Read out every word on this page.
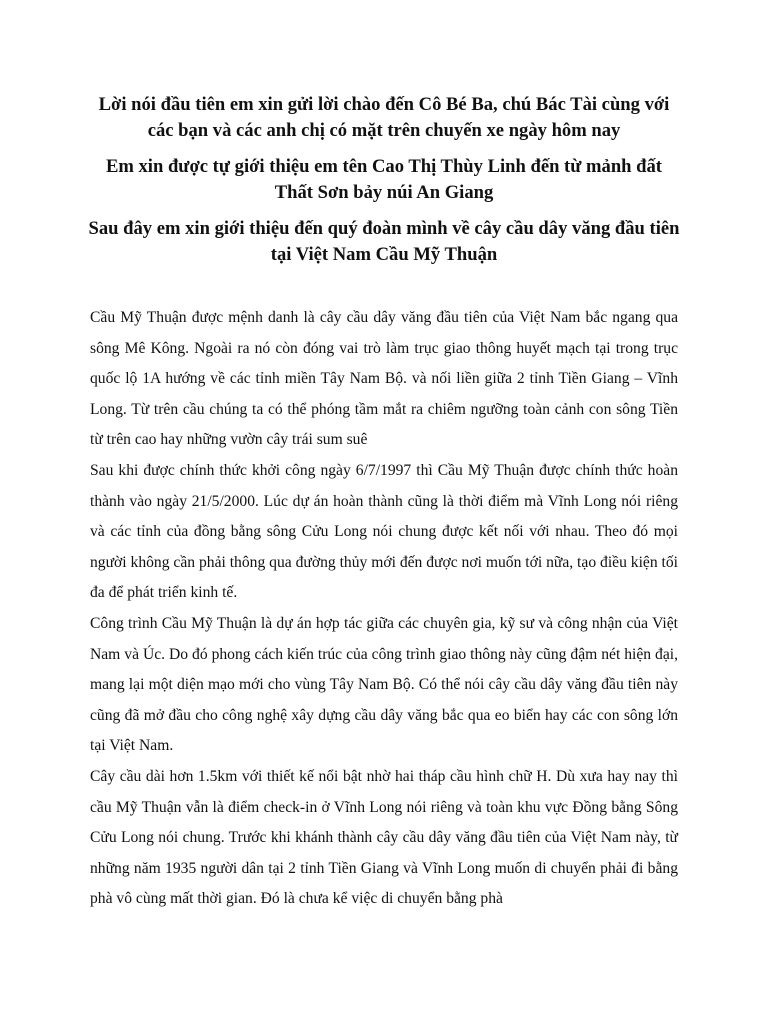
Lời nói đầu tiên em xin gửi lời chào đến Cô Bé Ba, chú Bác Tài cùng với các bạn và các anh chị có mặt trên chuyến xe ngày hôm nay

Em xin được tự giới thiệu em tên Cao Thị Thùy Linh đến từ mảnh đất Thất Sơn bảy núi An Giang

Sau đây em xin giới thiệu đến quý đoàn mình về cây cầu dây văng đầu tiên tại Việt Nam Cầu Mỹ Thuận

Cầu Mỹ Thuận được mệnh danh là cây cầu dây văng đầu tiên của Việt Nam bắc ngang qua sông Mê Kông. Ngoài ra nó còn đóng vai trò làm trục giao thông huyết mạch tại trong trục quốc lộ 1A hướng về các tỉnh miền Tây Nam Bộ. và nối liền giữa 2 tỉnh Tiền Giang – Vĩnh Long. Từ trên cầu chúng ta có thể phóng tầm mắt ra chiêm ngưỡng toàn cảnh con sông Tiền từ trên cao hay những vườn cây trái sum suê

Sau khi được chính thức khởi công ngày 6/7/1997 thì Cầu Mỹ Thuận được chính thức hoàn thành vào ngày 21/5/2000. Lúc dự án hoàn thành cũng là thời điểm mà Vĩnh Long nói riêng và các tỉnh của đồng bằng sông Cửu Long nói chung được kết nối với nhau. Theo đó mọi người không cần phải thông qua đường thủy mới đến được nơi muốn tới nữa, tạo điều kiện tối đa để phát triển kinh tế.

Công trình Cầu Mỹ Thuận là dự án hợp tác giữa các chuyên gia, kỹ sư và công nhận của Việt Nam và Úc. Do đó phong cách kiến trúc của công trình giao thông này cũng đậm nét hiện đại, mang lại một diện mạo mới cho vùng Tây Nam Bộ. Có thể nói cây cầu dây văng đầu tiên này cũng đã mở đầu cho công nghệ xây dựng cầu dây văng bắc qua eo biển hay các con sông lớn tại Việt Nam.

Cây cầu dài hơn 1.5km với thiết kế nổi bật nhờ hai tháp cầu hình chữ H. Dù xưa hay nay thì cầu Mỹ Thuận vẫn là điểm check-in ở Vĩnh Long nói riêng và toàn khu vực Đồng bằng Sông Cửu Long nói chung. Trước khi khánh thành cây cầu dây văng đầu tiên của Việt Nam này, từ những năm 1935 người dân tại 2 tỉnh Tiền Giang và Vĩnh Long muốn di chuyển phải đi bằng phà vô cùng mất thời gian. Đó là chưa kể việc di chuyển bằng phà
